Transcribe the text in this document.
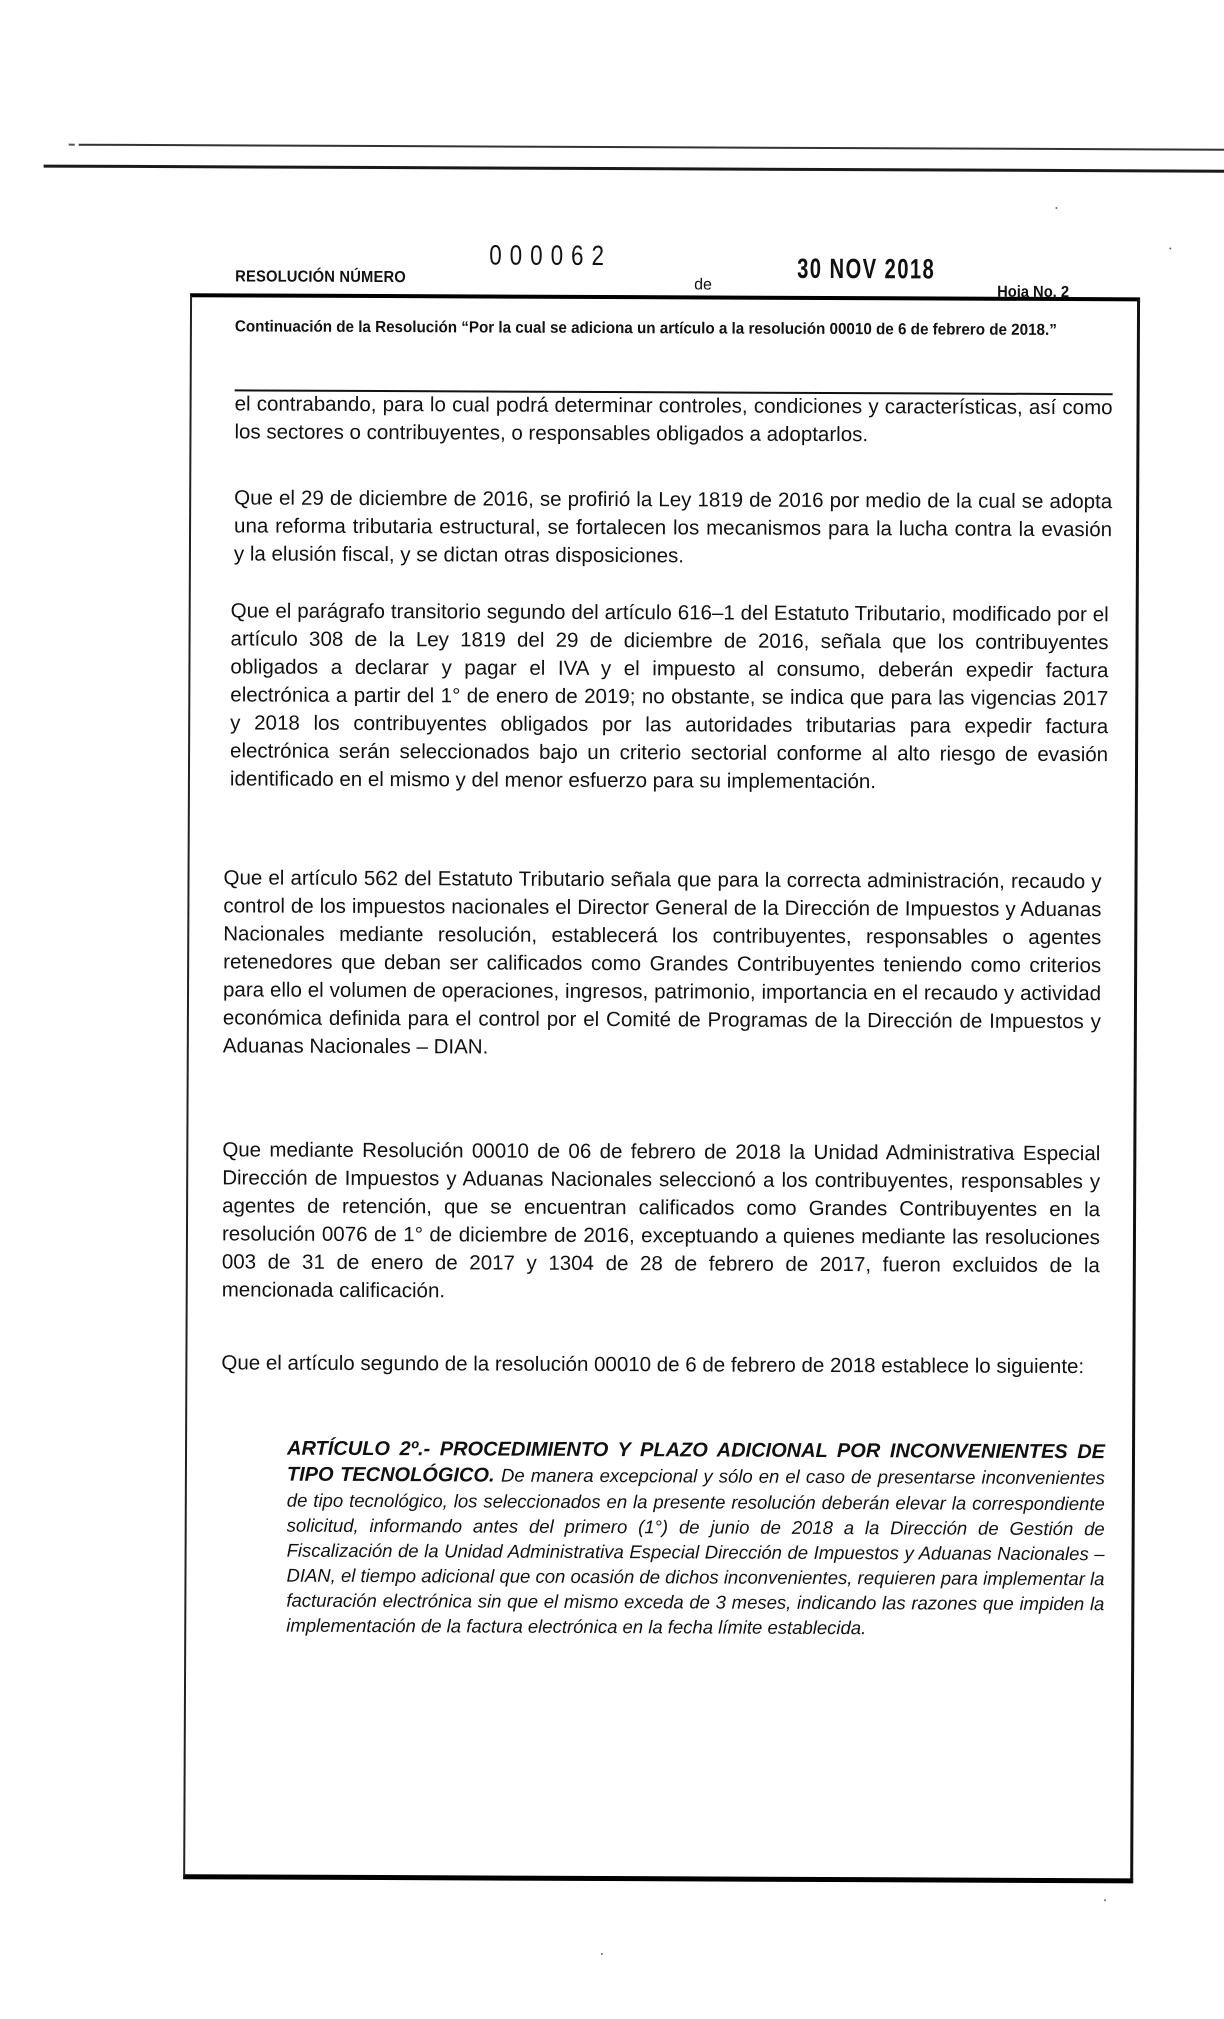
RESOLUCIÓN NÚMERO
000062
de
30 NOV 2018
Hoja No. 2
Continuación de la Resolución “Por la cual se adiciona un artículo a la resolución 00010 de 6 de febrero de 2018.”
el contrabando, para lo cual podrá determinar controles, condiciones y características, así como los sectores o contribuyentes, o responsables obligados a adoptarlos.
Que el 29 de diciembre de 2016, se profirió la Ley 1819 de 2016 por medio de la cual se adopta una reforma tributaria estructural, se fortalecen los mecanismos para la lucha contra la evasión y la elusión fiscal, y se dictan otras disposiciones.
Que el parágrafo transitorio segundo del artículo 616–1 del Estatuto Tributario, modificado por el artículo 308 de la Ley 1819 del 29 de diciembre de 2016, señala que los contribuyentes obligados a declarar y pagar el IVA y el impuesto al consumo, deberán expedir factura electrónica a partir del 1° de enero de 2019; no obstante, se indica que para las vigencias 2017 y 2018 los contribuyentes obligados por las autoridades tributarias para expedir factura electrónica serán seleccionados bajo un criterio sectorial conforme al alto riesgo de evasión identificado en el mismo y del menor esfuerzo para su implementación.
Que el artículo 562 del Estatuto Tributario señala que para la correcta administración, recaudo y control de los impuestos nacionales el Director General de la Dirección de Impuestos y Aduanas Nacionales mediante resolución, establecerá los contribuyentes, responsables o agentes retenedores que deban ser calificados como Grandes Contribuyentes teniendo como criterios para ello el volumen de operaciones, ingresos, patrimonio, importancia en el recaudo y actividad económica definida para el control por el Comité de Programas de la Dirección de Impuestos y Aduanas Nacionales – DIAN.
Que mediante Resolución 00010 de 06 de febrero de 2018 la Unidad Administrativa Especial Dirección de Impuestos y Aduanas Nacionales seleccionó a los contribuyentes, responsables y agentes de retención, que se encuentran calificados como Grandes Contribuyentes en la resolución 0076 de 1° de diciembre de 2016, exceptuando a quienes mediante las resoluciones 003 de 31 de enero de 2017 y 1304 de 28 de febrero de 2017, fueron excluidos de la mencionada calificación.
Que el artículo segundo de la resolución 00010 de 6 de febrero de 2018 establece lo siguiente:
ARTÍCULO 2º.- PROCEDIMIENTO Y PLAZO ADICIONAL POR INCONVENIENTES DE TIPO TECNOLÓGICO. De manera excepcional y sólo en el caso de presentarse inconvenientes de tipo tecnológico, los seleccionados en la presente resolución deberán elevar la correspondiente solicitud, informando antes del primero (1°) de junio de 2018 a la Dirección de Gestión de Fiscalización de la Unidad Administrativa Especial Dirección de Impuestos y Aduanas Nacionales – DIAN, el tiempo adicional que con ocasión de dichos inconvenientes, requieren para implementar la facturación electrónica sin que el mismo exceda de 3 meses, indicando las razones que impiden la implementación de la factura electrónica en la fecha límite establecida.
